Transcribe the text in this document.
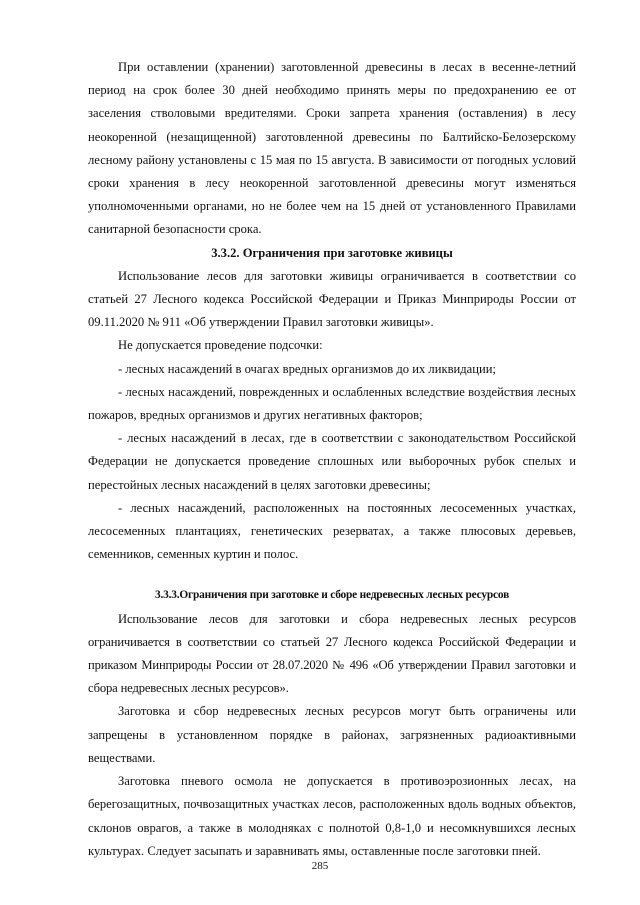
При оставлении (хранении) заготовленной древесины в лесах в весенне-летний период на срок более 30 дней необходимо принять меры по предохранению ее от заселения стволовыми вредителями. Сроки запрета хранения (оставления) в лесу неокоренной (незащищенной) заготовленной древесины по Балтийско-Белозерскому лесному району установлены с 15 мая по 15 августа. В зависимости от погодных условий сроки хранения в лесу неокоренной заготовленной древесины могут изменяться уполномоченными органами, но не более чем на 15 дней от установленного Правилами санитарной безопасности срока.

3.3.2. Ограничения при заготовке живицы

Использование лесов для заготовки живицы ограничивается в соответствии со статьей 27 Лесного кодекса Российской Федерации и Приказ Минприроды России от 09.11.2020 № 911 «Об утверждении Правил заготовки живицы».

Не допускается проведение подсочки:

- лесных насаждений в очагах вредных организмов до их ликвидации;

- лесных насаждений, поврежденных и ослабленных вследствие воздействия лесных пожаров, вредных организмов и других негативных факторов;

- лесных насаждений в лесах, где в соответствии с законодательством Российской Федерации не допускается проведение сплошных или выборочных рубок спелых и перестойных лесных насаждений в целях заготовки древесины;

- лесных насаждений, расположенных на постоянных лесосеменных участках, лесосеменных плантациях, генетических резерватах, а также плюсовых деревьев, семенников, семенных куртин и полос.

3.3.3.Ограничения при заготовке и сборе недревесных лесных ресурсов

Использование лесов для заготовки и сбора недревесных лесных ресурсов ограничивается в соответствии со статьей 27 Лесного кодекса Российской Федерации и приказом Минприроды России от 28.07.2020 № 496 «Об утверждении Правил заготовки и сбора недревесных лесных ресурсов».

Заготовка и сбор недревесных лесных ресурсов могут быть ограничены или запрещены в установленном порядке в районах, загрязненных радиоактивными веществами.

Заготовка пневого осмола не допускается в противоэрозионных лесах, на берегозащитных, почвозащитных участках лесов, расположенных вдоль водных объектов, склонов оврагов, а также в молодняках с полнотой 0,8-1,0 и несомкнувшихся лесных культурах. Следует засыпать и заравнивать ямы, оставленные после заготовки пней.

285
